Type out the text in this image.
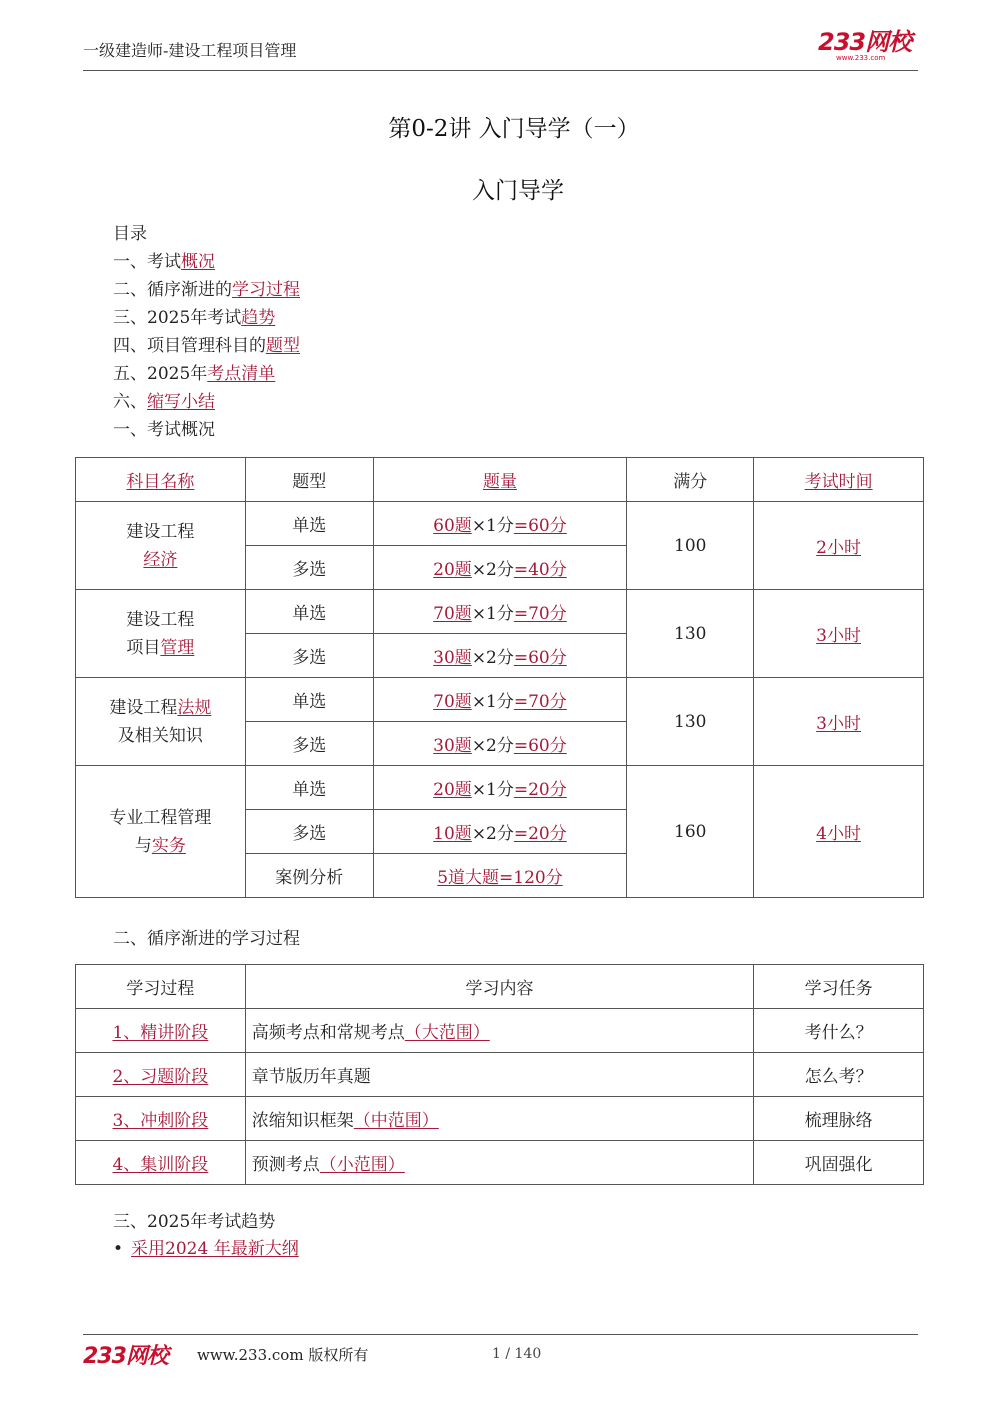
一级建造师-建设工程项目管理	233网校
www.233.com
第0-2讲 入门导学（一）
入门导学
目录
一、考试概况
二、循序渐进的学习过程
三、2025年考试趋势
四、项目管理科目的题型
五、2025年考点清单
六、缩写小结
一、考试概况
科目名称	题型	题量	满分	考试时间
建设工程
经济	单选	60题×1分=60分	100	2小时
	多选	20题×2分=40分		
建设工程
项目管理	单选	70题×1分=70分	130	3小时
	多选	30题×2分=60分		
建设工程法规
及相关知识	单选	70题×1分=70分	130	3小时
	多选	30题×2分=60分		
专业工程管理
与实务	单选	20题×1分=20分	160	4小时
	多选	10题×2分=20分		
	案例分析	5道大题=120分		
二、循序渐进的学习过程
学习过程	学习内容	学习任务
1、精讲阶段	高频考点和常规考点（大范围）	考什么？
2、习题阶段	章节版历年真题	怎么考？
3、冲刺阶段	浓缩知识框架（中范围）	梳理脉络
4、集训阶段	预测考点（小范围）	巩固强化
三、2025年考试趋势
• 采用2024 年最新大纲
233网校 www.233.com 版权所有	1 / 140
